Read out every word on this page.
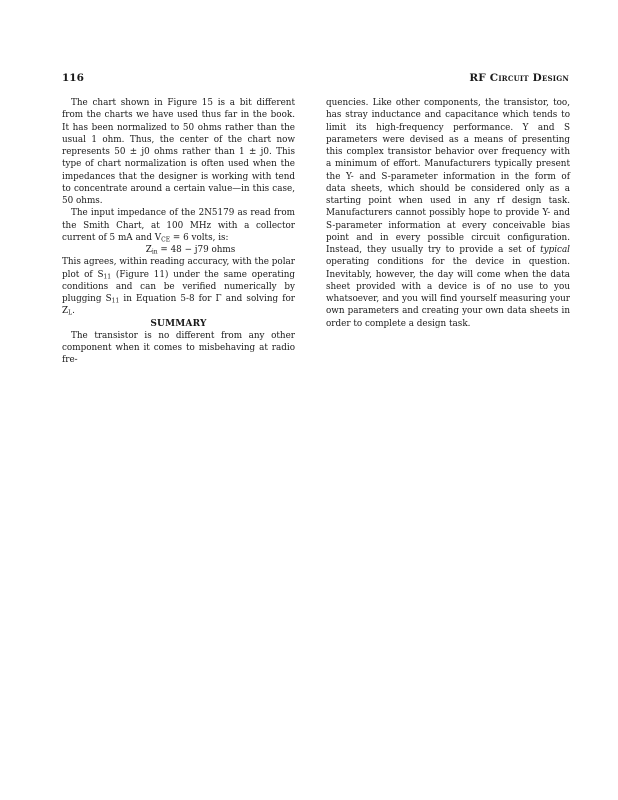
116	RF Circuit Design

The chart shown in Figure 15 is a bit different from the charts we have used thus far in the book. It has been normalized to 50 ohms rather than the usual 1 ohm. Thus, the center of the chart now represents 50 ± j0 ohms rather than 1 ± j0. This type of chart normalization is often used when the impedances that the designer is working with tend to concentrate around a certain value—in this case, 50 ohms.

The input impedance of the 2N5179 as read from the Smith Chart, at 100 MHz with a collector current of 5 mA and $V_{CE} = 6$ volts, is:

$Z_{in} = 48 - j79$ ohms

This agrees, within reading accuracy, with the polar plot of $S_{11}$ (Figure 11) under the same operating conditions and can be verified numerically by plugging $S_{11}$ in Equation 5-8 for Γ and solving for $Z_L$.

SUMMARY

The transistor is no different from any other component when it comes to misbehaving at radio fre-

quencies. Like other components, the transistor, too, has stray inductance and capacitance which tends to limit its high-frequency performance. Y and S parameters were devised as a means of presenting this complex transistor behavior over frequency with a minimum of effort. Manufacturers typically present the Y- and S-parameter information in the form of data sheets, which should be considered only as a starting point when used in any rf design task. Manufacturers cannot possibly hope to provide Y- and S-parameter information at every conceivable bias point and in every possible circuit configuration. Instead, they usually try to provide a set of typical operating conditions for the device in question. Inevitably, however, the day will come when the data sheet provided with a device is of no use to you whatsoever, and you will find yourself measuring your own parameters and creating your own data sheets in order to complete a design task.
